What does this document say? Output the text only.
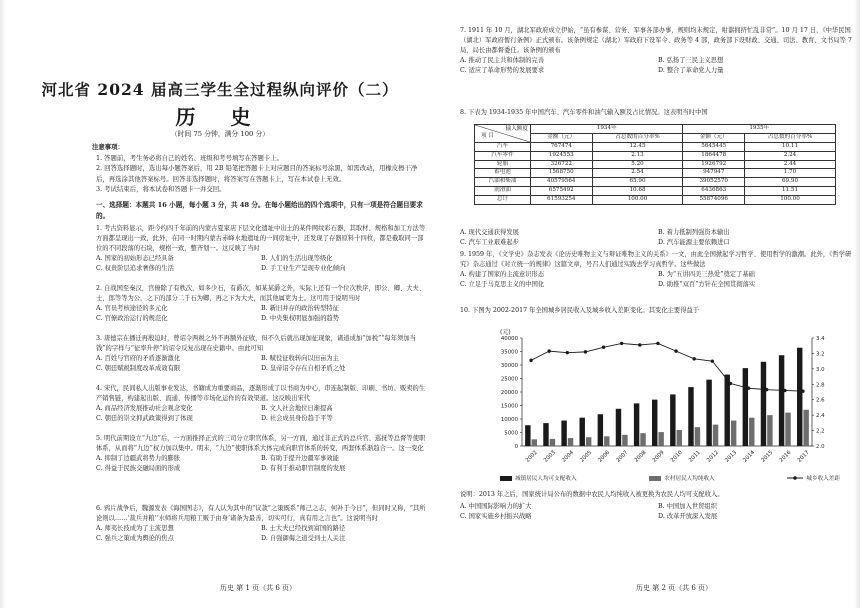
河北省 2024 届高三学生全过程纵向评价（二）
历 史
（时间 75 分钟，满分 100 分）

注意事项：

1. 答题前，考生务必将自己的姓名、班级和考号填写在答题卡上。

2. 回答选择题时，选出每小题答案后，用 2B 铅笔把答题卡上对应题目的答案标号涂黑，如需改动，用橡皮擦干净后，再选涂其他答案标号。回答非选择题时，将答案写在答题卡上，写在本试卷上无效。

3. 考试结束后，将本试卷和答题卡一并交回。

一、选择题：本题共 16 小题，每小题 3 分，共 48 分。在每小题给出的四个选项中，只有一项是符合题目要求的。

1. 考古资料显示，距今约四千年前的内蒙古夏家店下层文化遗址中出土的某件网纹彩石器，其取材、规格和加工方法等方面都呈现出一致，此外，在同一时期内蒙古赤峰水地遗址的一间房址中，还发现了存器原料十四枚，都是截取同一部位的不同段落的石块，规格一致，整齐划一。这反映了当时

A. 国家的初始形态已经具备	B. 人们的生活出现等级化
C. 权贵阶层追求奢侈的生活	D. 手工业生产呈现专业化倾向

2. 自战国至秦汉，官僚除了有秩次，如多少石，有爵次，如某某爵之外，实际上还有一个位次秩序，即公、卿、大夫、士、郎等等为公，之下的部分二千石为卿，再之下为大夫，而其他属吏为士。这可用于说明当时

A. 官员考核途径的多元化	B. 新旧并存的政治转型特征
C. 官僚政治运行的规范化	D. 中央集权明显加强的趋势

3. 唐德宗在播迁再殷迫时，曾诏令两税之外不再额外征收，但不久后就出现加征现象，诸道成加“加税”“每年须加当钱”的字样与“征率升停”的诏令反复出现在史籍中。由此可知

A. 百姓与官府的矛盾逐渐激化	B. 赋役征收转向以田亩为主
C. 朝廷赋税制度改革成效有限	D. 皇帝诏令存在自相矛盾之处

4. 宋代，民间私人出版事业发达，书籍成为重要商品，逐渐形成了以书商为中心，串连起制版、印刷、书坊、贩卖的生产销售链，构建起出版、流通、传播等市场化运作的有效渠道。这反映出宋代

A. 商品经济发展推动社会观念变化	B. 文人社会地位日渐提高
C. 朝廷的崇文抑武政策得到了体现	D. 社会成员身份趋于平等

5. 明代前期设立“九边”后，一方面推择正式的三司分立职官体系，另一方面，通过非正式的总兵官、巡抚等总督等使职体系，从而将“九边”权力加以集中。明末，“九边”使职体系大体完成向职官体系的转变，两套体系渐趋合一。这一变化

A. 抑制了边疆武将势力的膨胀	B. 有助于提升边疆军事效能
C. 得益于民族交融局面的形成	D. 有利于推动职官制度的发展

6. 鸦片战争后，魏源发表《海国图志》，有人认为其中的“议款”之策既系“师己之志，何补于今日”，但同时又称，“其所论则以……‘裁兵并粮’‘水师将兵用粮工贩于由身’诸条为最善，切实可行，真有用之言也”。这说明当时

A. 师夷长技成为了主流思想	B. 士大夫已经找到富国的路径
C. 强兵之策成为舆论的焦点	D. 自强御侮之道受到士人关注
历史 第 1 页（共 6 页）

7. 1911 年 10 月，湖北军政府成立伊始，“虽有参谋、营务、军事各部办事，规则均未规定，咁嚣拥挤忙乱非常”。10 月 17 日，《中华民国（湖北）军政府暂行条例》正式颁布。该条例规定（湖北）军政府下设军令、政务等 4 部，政务部下设财政、交通、司法、教育、文书局等 7 局，局长由都督委任。该条例的颁布

A. 推动了民主共和体制的完善	B. 弘扬了三民主义思想
C. 适应了革命形势的发展要求	D. 整合了革命党人力量
8. 下表为 1934-1935 年中国汽车、汽车零件和油气输入额及占比情况。这表明当时中国
输入额度
项 目	1934年		1935年	
	金额（元）	占总数的百分率%	金额（元）	占总数的百分率%
汽车	767474	12.45	5645445	10.11
汽车零件	1924553	2.13	1864478	2.24
轮胎	326722	5.20	1926792	2.44
蓄电池	1568750	2.54	947947	1.70
汽油和柴油	40579564	65.90	39052570	69.90
润滑油	6575492	10.68	6436863	11.51
总计	61593254	100.00	55874096	100.00
A. 现代交通获得发展	B. 着力抵制列强资本输出
C. 汽车工业艰难起步	D. 汽车能源主要依赖进口

9. 1959 年，《文学史》杂志发表《论历史唯物主义与辩证唯物主义的关系》一文，由此全国掀起学习哲学、使用哲学的激潮。此外，《哲学研究》杂志通过《对立统一的规律》这篇文章，号召人们通过实践去学习真哲学。这些做法

A. 构建了国家的主流意识形态	B. 为“五讲四美三热爱”奠定了基础
C. 立足于马克思主义的中国化	D. 助推“双百”方针在全国贯彻落实
10. 下图为 2002-2017 年全国城乡居民收入及城乡收入差距变化。其变化主要得益于
(元)
0
5000
10000
15000
20000
25000
30000
35000
40000
2.0
2.2
2.4
2.6
2.8
3.0
3.2
3.4
2002 2003 2004 2005 2006 2007 2008 2009 2010 2011 2012 2013 2014 2015 2016 2017
城镇居民人均可支配收入	农村居民人均纯收入	城乡收入差距
说明：2013 年之后，国家统计局公布的数据中农民人均纯收入被更换为农民人均可支配收入。
A. 中国国际影响力的扩大	B. 中国加入世贸组织
C. 国家实施乡村振兴战略	D. 改革开放深入发展
历史 第 2 页（共 6 页）
